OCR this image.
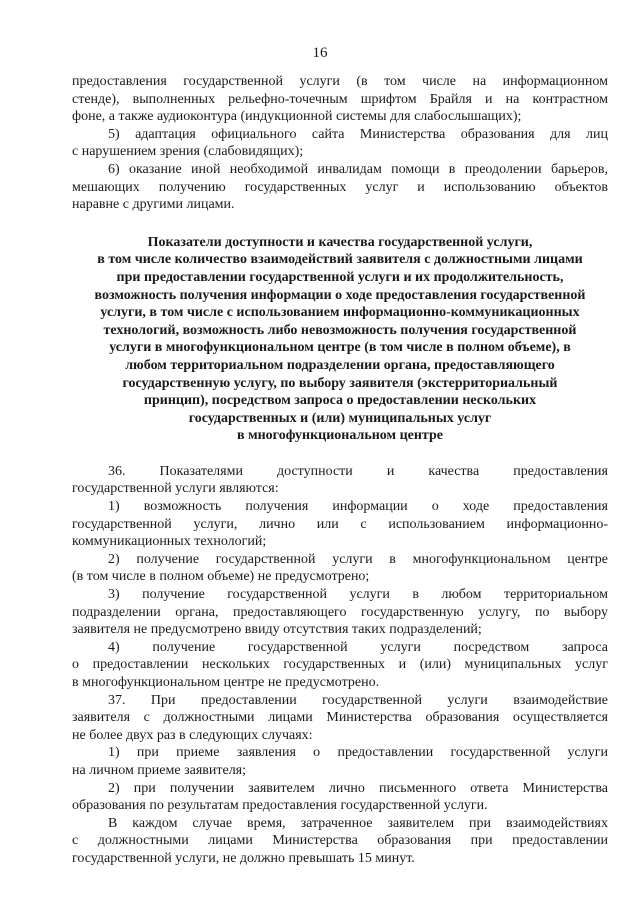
16
предоставления государственной услуги (в том числе на информационном
стенде), выполненных рельефно-точечным шрифтом Брайля и на контрастном
фоне, а также аудиоконтура (индукционной системы для слабослышащих);
5) адаптация официального сайта Министерства образования для лиц
с нарушением зрения (слабовидящих);
6) оказание иной необходимой инвалидам помощи в преодолении барьеров,
мешающих получению государственных услуг и использованию объектов
наравне с другими лицами.
Показатели доступности и качества государственной услуги,
в том числе количество взаимодействий заявителя с должностными лицами
при предоставлении государственной услуги и их продолжительность,
возможность получения информации о ходе предоставления государственной
услуги, в том числе с использованием информационно-коммуникационных
технологий, возможность либо невозможность получения государственной
услуги в многофункциональном центре (в том числе в полном объеме), в
любом территориальном подразделении органа, предоставляющего
государственную услугу, по выбору заявителя (экстерриториальный
принцип), посредством запроса о предоставлении нескольких
государственных и (или) муниципальных услуг
в многофункциональном центре
36. Показателями доступности и качества предоставления
государственной услуги являются:
1) возможность получения информации о ходе предоставления
государственной услуги, лично или с использованием информационно-
коммуникационных технологий;
2) получение государственной услуги в многофункциональном центре
(в том числе в полном объеме) не предусмотрено;
3) получение государственной услуги в любом территориальном
подразделении органа, предоставляющего государственную услугу, по выбору
заявителя не предусмотрено ввиду отсутствия таких подразделений;
4) получение государственной услуги посредством запроса
о предоставлении нескольких государственных и (или) муниципальных услуг
в многофункциональном центре не предусмотрено.
37. При предоставлении государственной услуги взаимодействие
заявителя с должностными лицами Министерства образования осуществляется
не более двух раз в следующих случаях:
1) при приеме заявления о предоставлении государственной услуги
на личном приеме заявителя;
2) при получении заявителем лично письменного ответа Министерства
образования по результатам предоставления государственной услуги.
В каждом случае время, затраченное заявителем при взаимодействиях
с должностными лицами Министерства образования при предоставлении
государственной услуги, не должно превышать 15 минут.
